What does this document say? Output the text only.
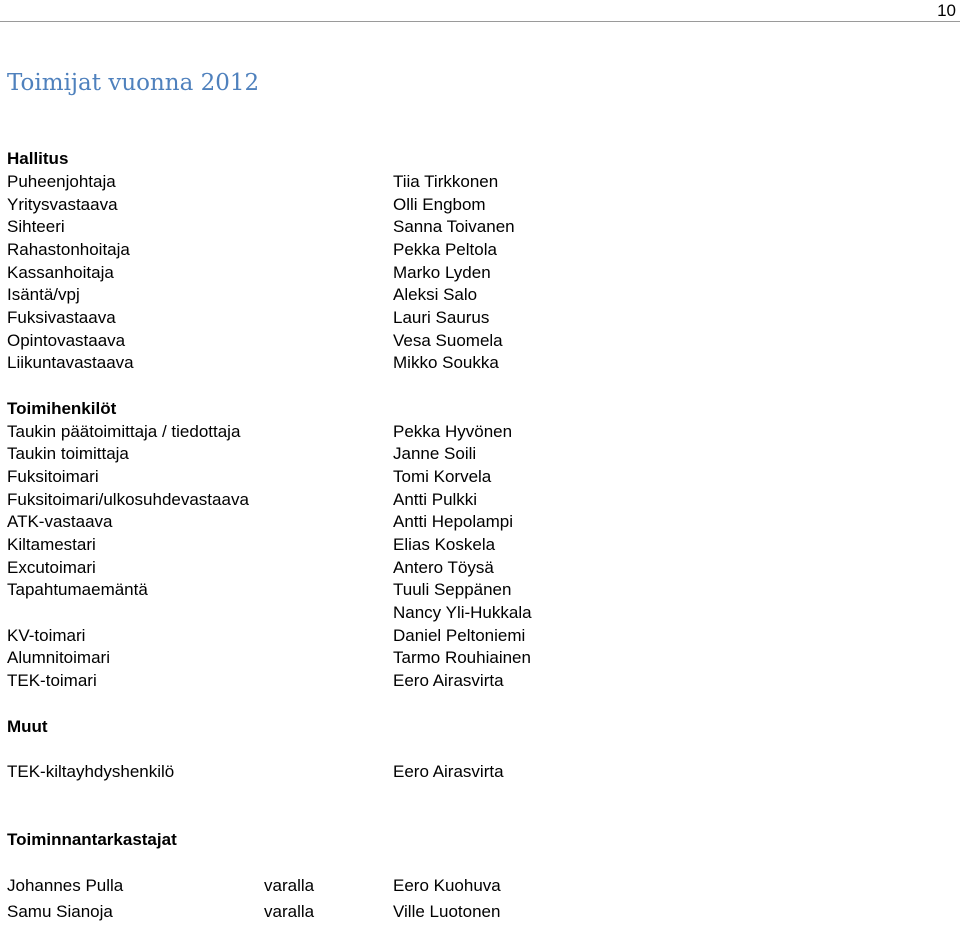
10
Toimijat vuonna 2012
Hallitus
Puheenjohtaja	Tiia Tirkkonen
Yritysvastaava	Olli Engbom
Sihteeri	Sanna Toivanen
Rahastonhoitaja	Pekka Peltola
Kassanhoitaja	Marko Lyden
Isäntä/vpj	Aleksi Salo
Fuksivastaava	Lauri Saurus
Opintovastaava	Vesa Suomela
Liikuntavastaava	Mikko Soukka
Toimihenkilöt
Taukin päätoimittaja / tiedottaja	Pekka Hyvönen
Taukin toimittaja	Janne Soili
Fuksitoimari	Tomi Korvela
Fuksitoimari/ulkosuhdevastaava	Antti Pulkki
ATK-vastaava	Antti Hepolampi
Kiltamestari	Elias Koskela
Excutoimari	Antero Töysä
Tapahtumaemäntä	Tuuli Seppänen
Nancy Yli-Hukkala
KV-toimari	Daniel Peltoniemi
Alumnitoimari	Tarmo Rouhiainen
TEK-toimari	Eero Airasvirta
Muut
TEK-kiltayhdyshenkilö	Eero Airasvirta
Toiminnantarkastajat
Johannes Pulla	varalla	Eero Kuohuva
Samu Sianoja	varalla	Ville Luotonen
